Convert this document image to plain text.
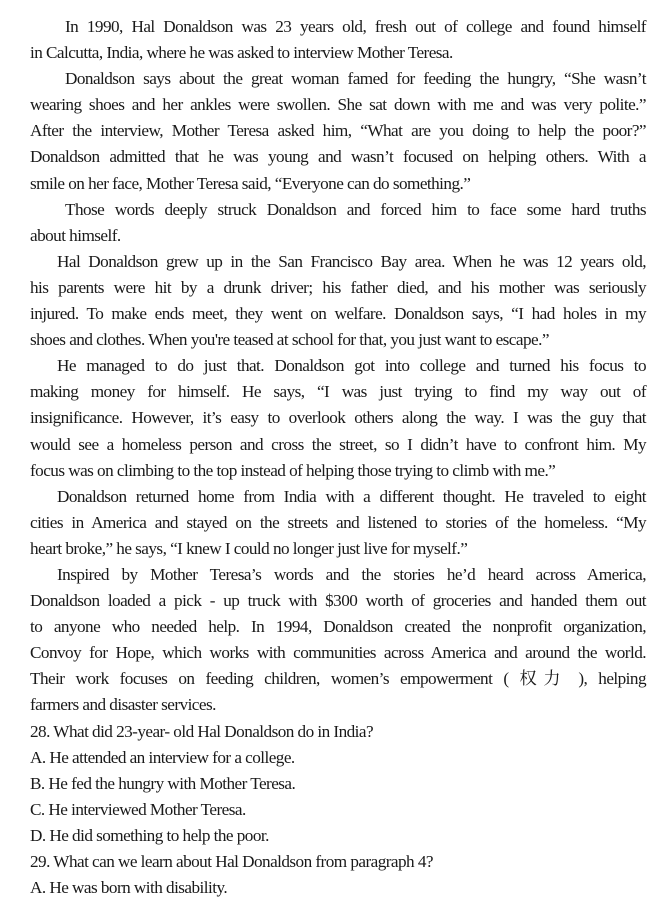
In 1990, Hal Donaldson was 23 years old, fresh out of college and found himself
in Calcutta, India, where he was asked to interview Mother Teresa.
Donaldson says about the great woman famed for feeding the hungry, “She wasn’t
wearing shoes and her ankles were swollen. She sat down with me and was very polite.”
After the interview, Mother Teresa asked him, “What are you doing to help the poor?”
Donaldson admitted that he was young and wasn’t focused on helping others. With a
smile on her face, Mother Teresa said, “Everyone can do something.”
Those words deeply struck Donaldson and forced him to face some hard truths
about himself.
Hal Donaldson grew up in the San Francisco Bay area. When he was 12 years old,
his parents were hit by a drunk driver; his father died, and his mother was seriously
injured. To make ends meet, they went on welfare. Donaldson says, “I had holes in my
shoes and clothes. When you're teased at school for that, you just want to escape.”
He managed to do just that. Donaldson got into college and turned his focus to
making money for himself. He says, “I was just trying to find my way out of
insignificance. However, it’s easy to overlook others along the way. I was the guy that
would see a homeless person and cross the street, so I didn’t have to confront him. My
focus was on climbing to the top instead of helping those trying to climb with me.”
Donaldson returned home from India with a different thought. He traveled to eight
cities in America and stayed on the streets and listened to stories of the homeless. “My
heart broke,” he says, “I knew I could no longer just live for myself.”
Inspired by Mother Teresa’s words and the stories he’d heard across America,
Donaldson loaded a pick - up truck with $300 worth of groceries and handed them out
to anyone who needed help. In 1994, Donaldson created the nonprofit organization,
Convoy for Hope, which works with communities across America and around the world.
Their work focuses on feeding children, women’s empowerment ( 权力 ), helping
farmers and disaster services.
28. What did 23-year- old Hal Donaldson do in India?
A. He attended an interview for a college.
B. He fed the hungry with Mother Teresa.
C. He interviewed Mother Teresa.
D. He did something to help the poor.
29. What can we learn about Hal Donaldson from paragraph 4?
A. He was born with disability.
